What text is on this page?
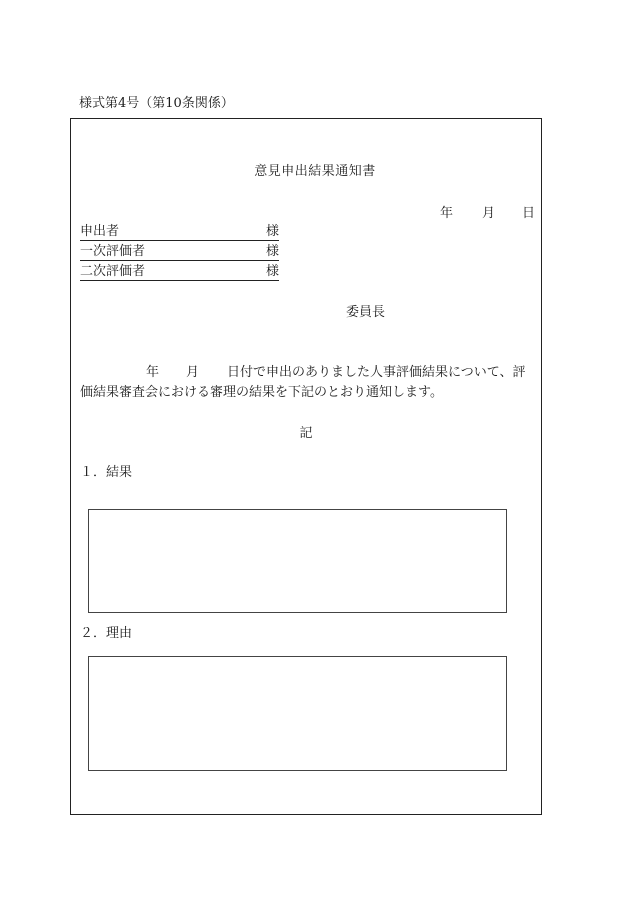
様式第4号（第10条関係）
意見申出結果通知書
年 月 日
申出者	様
一次評価者	様
二次評価者	様
委員長
年 月 日付で申出のありました人事評価結果について、評
価結果審査会における審理の結果を下記のとおり通知します。
記
１．結果
２．理由
